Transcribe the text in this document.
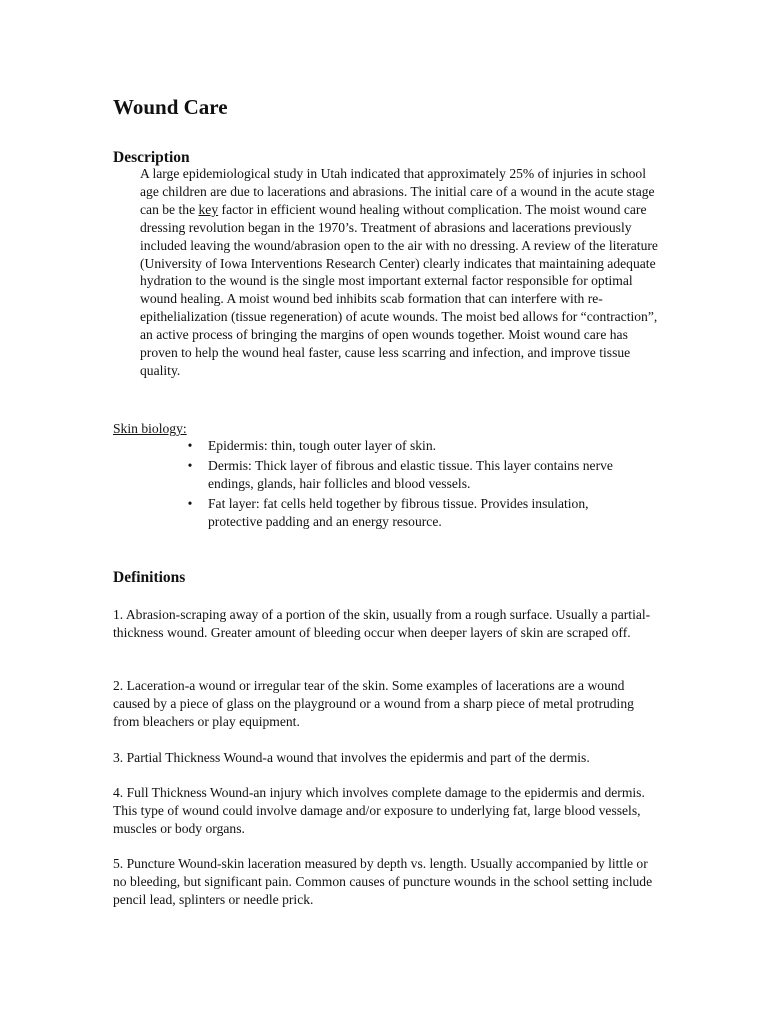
Wound Care
Description

A large epidemiological study in Utah indicated that approximately 25% of injuries in school age children are due to lacerations and abrasions. The initial care of a wound in the acute stage can be the key factor in efficient wound healing without complication. The moist wound care dressing revolution began in the 1970’s. Treatment of abrasions and lacerations previously included leaving the wound/abrasion open to the air with no dressing. A review of the literature (University of Iowa Interventions Research Center) clearly indicates that maintaining adequate hydration to the wound is the single most important external factor responsible for optimal wound healing. A moist wound bed inhibits scab formation that can interfere with re-epithelialization (tissue regeneration) of acute wounds. The moist bed allows for “contraction”, an active process of bringing the margins of open wounds together. Moist wound care has proven to help the wound heal faster, cause less scarring and infection, and improve tissue quality.

Skin biology:

• Epidermis: thin, tough outer layer of skin.
• Dermis: Thick layer of fibrous and elastic tissue. This layer contains nerve endings, glands, hair follicles and blood vessels.
• Fat layer: fat cells held together by fibrous tissue. Provides insulation, protective padding and an energy resource.
Definitions

1. Abrasion-scraping away of a portion of the skin, usually from a rough surface. Usually a partial-thickness wound. Greater amount of bleeding occur when deeper layers of skin are scraped off.

2. Laceration-a wound or irregular tear of the skin. Some examples of lacerations are a wound caused by a piece of glass on the playground or a wound from a sharp piece of metal protruding from bleachers or play equipment.

3. Partial Thickness Wound-a wound that involves the epidermis and part of the dermis.

4. Full Thickness Wound-an injury which involves complete damage to the epidermis and dermis. This type of wound could involve damage and/or exposure to underlying fat, large blood vessels, muscles or body organs.

5. Puncture Wound-skin laceration measured by depth vs. length. Usually accompanied by little or no bleeding, but significant pain. Common causes of puncture wounds in the school setting include pencil lead, splinters or needle prick.
